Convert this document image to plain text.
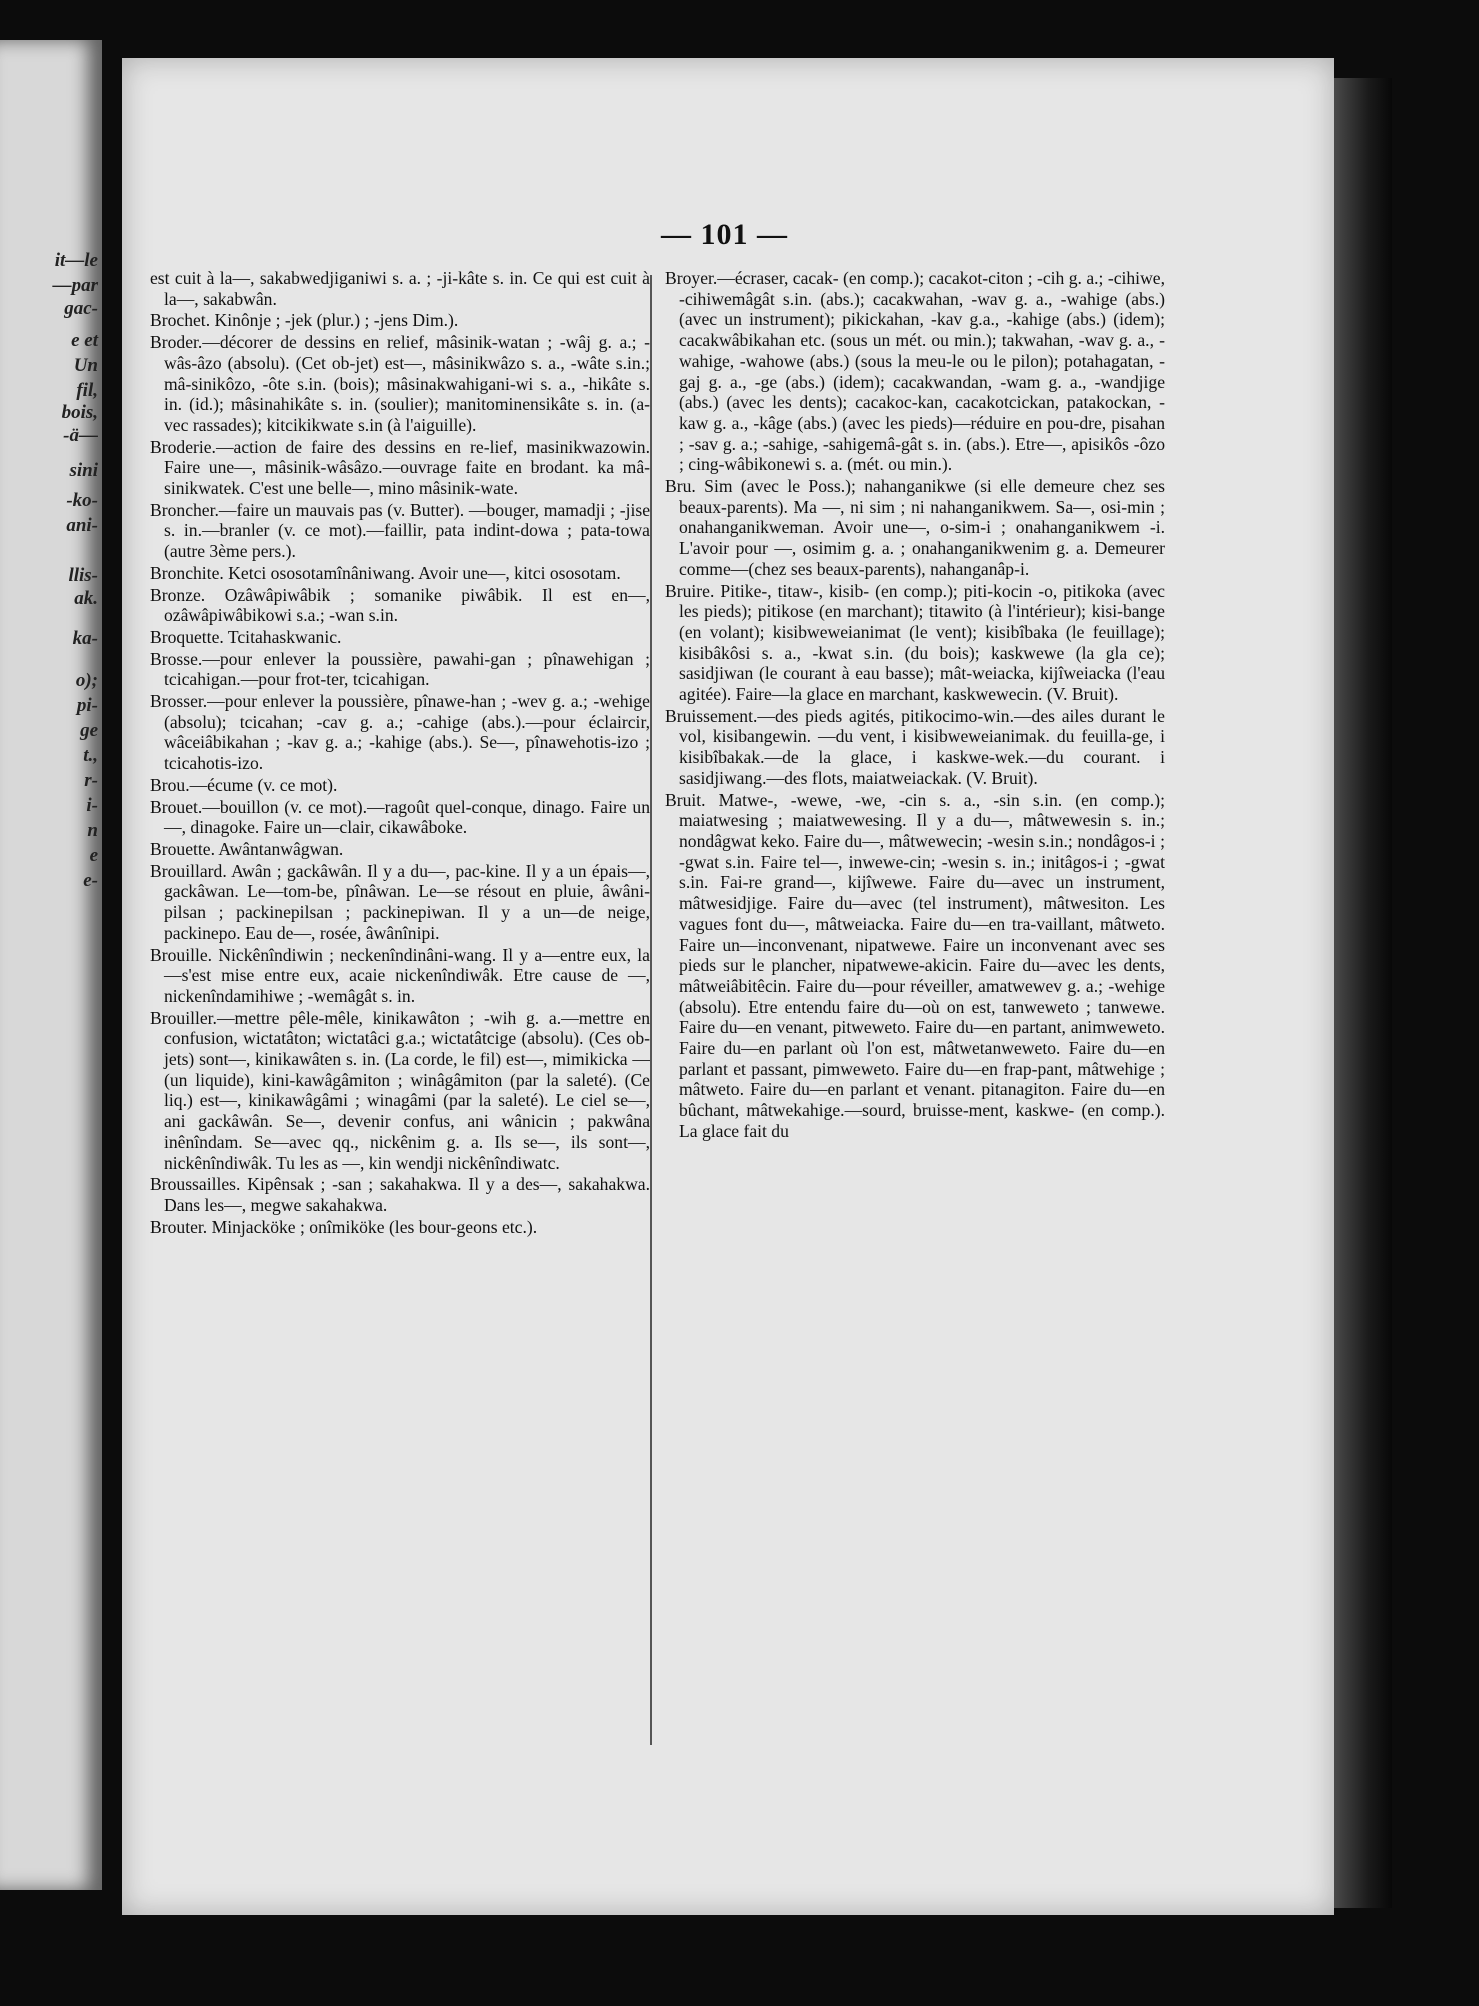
it—le
—par
gac-
e et
Un
fil,
bois,
-ä—
sini
-ko-
ani-
llis-
ak.
ka-
o);
pi-
ge
t.,
r-
i-
n
e
e-
— 101 —
est cuit à la—, sakabwedjiganiwi s. a. ; -ji-kâte s. in. Ce qui est cuit à la—, sakabwân.
Brochet. Kinônje ; -jek (plur.) ; -jens Dim.).
Broder.—décorer de dessins en relief, mâsinik-watan ; -wâj g. a.; -wâs-âzo (absolu). (Cet ob-jet) est—, mâsinikwâzo s. a., -wâte s.in.; mâ-sinikôzo, -ôte s.in. (bois); mâsinakwahigani-wi s. a., -hikâte s. in. (id.); mâsinahikâte s. in. (soulier); manitominensikâte s. in. (a-vec rassades); kitcikikwate s.in (à l'aiguille).
Broderie.—action de faire des dessins en re-lief, masinikwazowin. Faire une—, mâsinik-wâsâzo.—ouvrage faite en brodant. ka mâ-sinikwatek. C'est une belle—, mino mâsinik-wate.
Broncher.—faire un mauvais pas (v. Butter). —bouger, mamadji ; -jise s. in.—branler (v. ce mot).—faillir, pata indint-dowa ; pata-towa (autre 3ème pers.).
Bronchite. Ketci ososotamînâniwang. Avoir une—, kitci ososotam.
Bronze. Ozâwâpiwâbik ; somanike piwâbik. Il est en—, ozâwâpiwâbikowi s.a.; -wan s.in.
Broquette. Tcitahaskwanic.
Brosse.—pour enlever la poussière, pawahi-gan ; pînawehigan ; tcicahigan.—pour frot-ter, tcicahigan.
Brosser.—pour enlever la poussière, pînawe-han ; -wev g. a.; -wehige (absolu); tcicahan; -cav g. a.; -cahige (abs.).—pour éclaircir, wâceiâbikahan ; -kav g. a.; -kahige (abs.). Se—, pînawehotis-izo ; tcicahotis-izo.
Brou.—écume (v. ce mot).
Brouet.—bouillon (v. ce mot).—ragoût quel-conque, dinago. Faire un—, dinagoke. Faire un—clair, cikawâboke.
Brouette. Awântanwâgwan.
Brouillard. Awân ; gackâwân. Il y a du—, pac-kine. Il y a un épais—, gackâwan. Le—tom-be, pînâwan. Le—se résout en pluie, âwâni-pilsan ; packinepilsan ; packinepiwan. Il y a un—de neige, packinepo. Eau de—, rosée, âwânînipi.
Brouille. Nickênîndiwin ; neckenîndinâni-wang. Il y a—entre eux, la—s'est mise entre eux, acaie nickenîndiwâk. Etre cause de —, nickenîndamihiwe ; -wemâgât s. in.
Brouiller.—mettre pêle-mêle, kinikawâton ; -wih g. a.—mettre en confusion, wictatâton; wictatâci g.a.; wictatâtcige (absolu). (Ces ob-jets) sont—, kinikawâten s. in. (La corde, le fil) est—, mimikicka —(un liquide), kini-kawâgâmiton ; winâgâmiton (par la saleté). (Ce liq.) est—, kinikawâgâmi ; winagâmi (par la saleté). Le ciel se—, ani gackâwân. Se—, devenir confus, ani wânicin ; pakwâna inênîndam. Se—avec qq., nickênim g. a. Ils se—, ils sont—, nickênîndiwâk. Tu les as —, kin wendji nickênîndiwatc.
Broussailles. Kipênsak ; -san ; sakahakwa. Il y a des—, sakahakwa. Dans les—, megwe sakahakwa.
Brouter. Minjacköke ; onîmiköke (les bour-geons etc.).
Broyer.—écraser, cacak- (en comp.); cacakot-citon ; -cih g. a.; -cihiwe, -cihiwemâgât s.in. (abs.); cacakwahan, -wav g. a., -wahige (abs.) (avec un instrument); pikickahan, -kav g.a., -kahige (abs.) (idem); cacakwâbikahan etc. (sous un mét. ou min.); takwahan, -wav g. a., -wahige, -wahowe (abs.) (sous la meu-le ou le pilon); potahagatan, -gaj g. a., -ge (abs.) (idem); cacakwandan, -wam g. a., -wandjige (abs.) (avec les dents); cacakoc-kan, cacakotcickan, patakockan, -kaw g. a., -kâge (abs.) (avec les pieds)—réduire en pou-dre, pisahan ; -sav g. a.; -sahige, -sahigemâ-gât s. in. (abs.). Etre—, apisikôs -ôzo ; cing-wâbikonewi s. a. (mét. ou min.).
Bru. Sim (avec le Poss.); nahanganikwe (si elle demeure chez ses beaux-parents). Ma —, ni sim ; ni nahanganikwem. Sa—, osi-min ; onahanganikweman. Avoir une—, o-sim-i ; onahanganikwem -i. L'avoir pour —, osimim g. a. ; onahanganikwenim g. a. Demeurer comme—(chez ses beaux-parents), nahanganâp-i.
Bruire. Pitike-, titaw-, kisib- (en comp.); piti-kocin -o, pitikoka (avec les pieds); pitikose (en marchant); titawito (à l'intérieur); kisi-bange (en volant); kisibweweianimat (le vent); kisibîbaka (le feuillage); kisibâkôsi s. a., -kwat s.in. (du bois); kaskwewe (la gla ce); sasidjiwan (le courant à eau basse); mât-weiacka, kijîweiacka (l'eau agitée). Faire—la glace en marchant, kaskwewecin. (V. Bruit).
Bruissement.—des pieds agités, pitikocimo-win.—des ailes durant le vol, kisibangewin. —du vent, i kisibweweianimak. du feuilla-ge, i kisibîbakak.—de la glace, i kaskwe-wek.—du courant. i sasidjiwang.—des flots, maiatweiackak. (V. Bruit).
Bruit. Matwe-, -wewe, -we, -cin s. a., -sin s.in. (en comp.); maiatwesing ; maiatwewesing. Il y a du—, mâtwewesin s. in.; nondâgwat keko. Faire du—, mâtwewecin; -wesin s.in.; nondâgos-i ; -gwat s.in. Faire tel—, inwewe-cin; -wesin s. in.; initâgos-i ; -gwat s.in. Fai-re grand—, kijîwewe. Faire du—avec un instrument, mâtwesidjige. Faire du—avec (tel instrument), mâtwesiton. Les vagues font du—, mâtweiacka. Faire du—en tra-vaillant, mâtweto. Faire un—inconvenant, nipatwewe. Faire un inconvenant avec ses pieds sur le plancher, nipatwewe-akicin. Faire du—avec les dents, mâtweiâbitêcin. Faire du—pour réveiller, amatwewev g. a.; -wehige (absolu). Etre entendu faire du—où on est, tanweweto ; tanwewe. Faire du—en venant, pitweweto. Faire du—en partant, animweweto. Faire du—en parlant où l'on est, mâtwetanweweto. Faire du—en parlant et passant, pimweweto. Faire du—en frap-pant, mâtwehige ; mâtweto. Faire du—en parlant et venant. pitanagiton. Faire du—en bûchant, mâtwekahige.—sourd, bruisse-ment, kaskwe- (en comp.). La glace fait du
